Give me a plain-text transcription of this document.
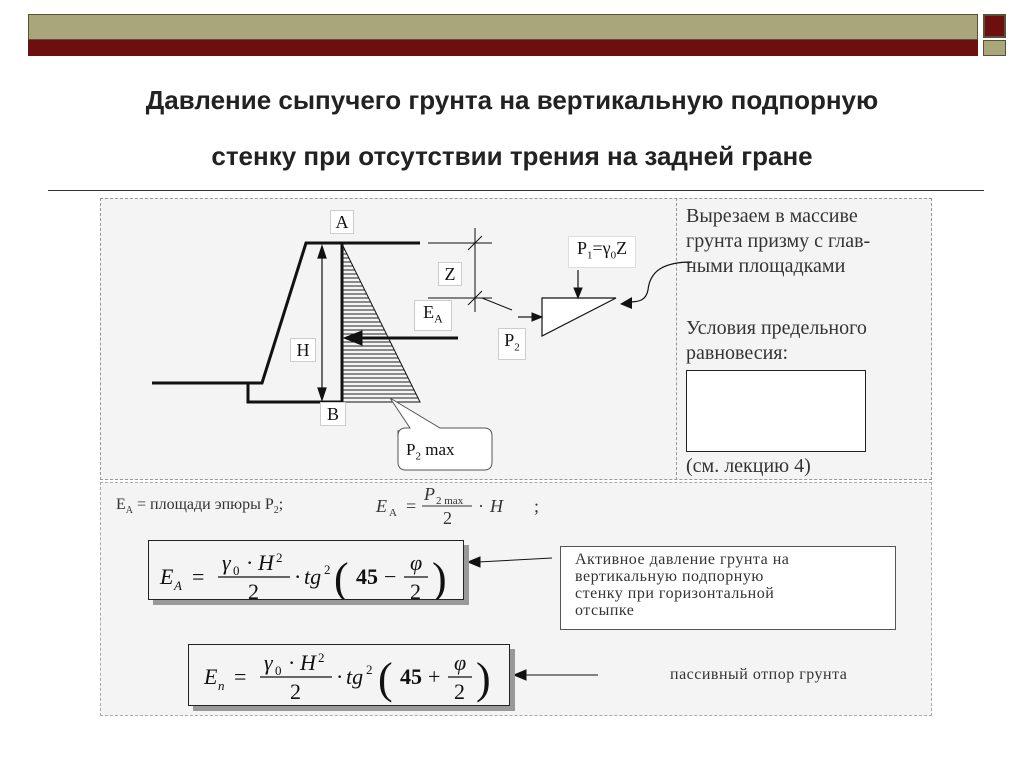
Давление сыпучего грунта на вертикальную подпорную
стенку при отсутствии трения на задней гране
E A =
P 2 max
2
· H ;
E A =
γ 0 · H 2
2
· tg 2 ( 45 −
φ
2 )
E n =
γ 0 · H 2
2
· tg 2 ( 45 +
φ
2 )
A
B
H
Z
$E_A$
$P_1=\gamma_0Z$
$P_2$
$P_2$ max
Вырезаем в массиве
грунта призму с глав-
ными площадками
Условия предельного
равновесия:
(см. лекцию 4)
$E_A$ = площади эпюры $P_2$;
Активное давление грунта на
вертикальную подпорную
стенку при горизонтальной
отсыпке
пассивный отпор грунта
